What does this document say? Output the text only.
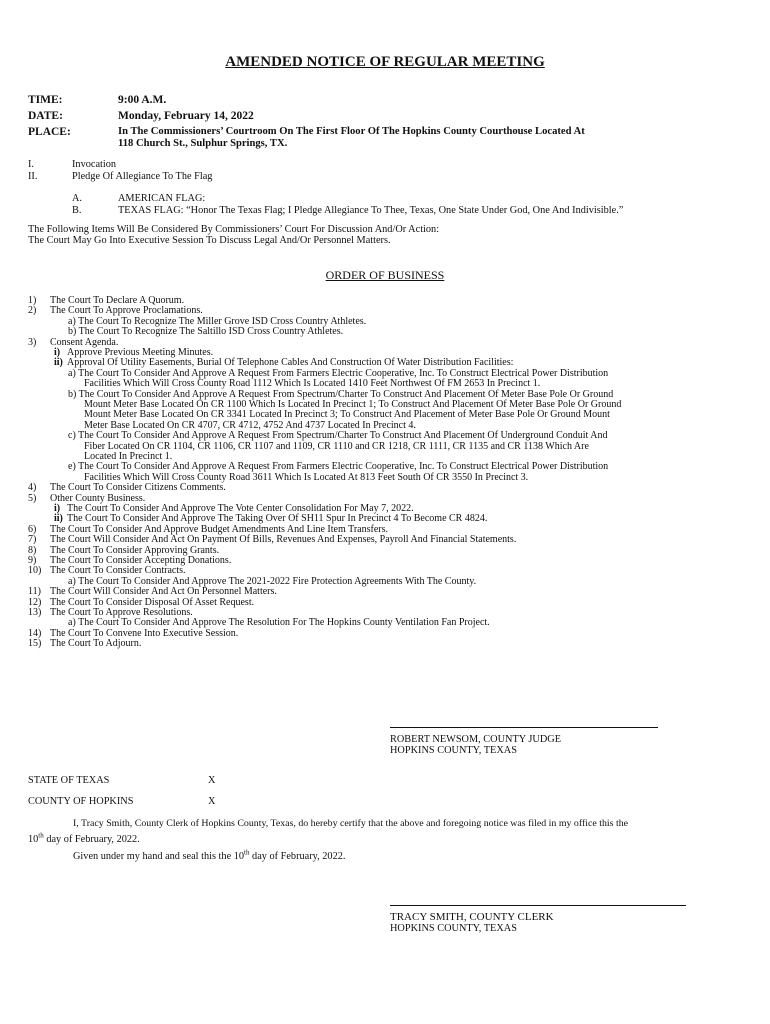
AMENDED NOTICE OF REGULAR MEETING
TIME:	9:00 A.M.
DATE:	Monday, February 14, 2022
PLACE:	In The Commissioners’ Courtroom On The First Floor Of The Hopkins County Courthouse Located At
118 Church St., Sulphur Springs, TX.
I.	Invocation
II.	Pledge Of Allegiance To The Flag
A.	AMERICAN FLAG:
B.	TEXAS FLAG: “Honor The Texas Flag; I Pledge Allegiance To Thee, Texas, One State Under God, One And Indivisible.”
The Following Items Will Be Considered By Commissioners’ Court For Discussion And/Or Action:
The Court May Go Into Executive Session To Discuss Legal And/Or Personnel Matters.
ORDER OF BUSINESS
1) The Court To Declare A Quorum.
2) The Court To Approve Proclamations.
a) The Court To Recognize The Miller Grove ISD Cross Country Athletes.
b) The Court To Recognize The Saltillo ISD Cross Country Athletes.
3) Consent Agenda.
i) Approve Previous Meeting Minutes.
ii) Approval Of Utility Easements, Burial Of Telephone Cables And Construction Of Water Distribution Facilities:
a) The Court To Consider And Approve A Request From Farmers Electric Cooperative, Inc. To Construct Electrical Power Distribution
Facilities Which Will Cross County Road 1112 Which Is Located 1410 Feet Northwest Of FM 2653 In Precinct 1.
b) The Court To Consider And Approve A Request From Spectrum/Charter To Construct And Placement Of Meter Base Pole Or Ground
Mount Meter Base Located On CR 1100 Which Is Located In Precinct 1; To Construct And Placement Of Meter Base Pole Or Ground
Mount Meter Base Located On CR 3341 Located In Precinct 3; To Construct And Placement of Meter Base Pole Or Ground Mount
Meter Base Located On CR 4707, CR 4712, 4752 And 4737 Located In Precinct 4.
c) The Court To Consider And Approve A Request From Spectrum/Charter To Construct And Placement Of Underground Conduit And
Fiber Located On CR 1104, CR 1106, CR 1107 and 1109, CR 1110 and CR 1218, CR 1111, CR 1135 and CR 1138 Which Are
Located In Precinct 1.
e) The Court To Consider And Approve A Request From Farmers Electric Cooperative, Inc. To Construct Electrical Power Distribution
Facilities Which Will Cross County Road 3611 Which Is Located At 813 Feet South Of CR 3550 In Precinct 3.
4) The Court To Consider Citizens Comments.
5) Other County Business.
i) The Court To Consider And Approve The Vote Center Consolidation For May 7, 2022.
ii) The Court To Consider And Approve The Taking Over Of SH11 Spur In Precinct 4 To Become CR 4824.
6) The Court To Consider And Approve Budget Amendments And Line Item Transfers.
7) The Court Will Consider And Act On Payment Of Bills, Revenues And Expenses, Payroll And Financial Statements.
8) The Court To Consider Approving Grants.
9) The Court To Consider Accepting Donations.
10) The Court To Consider Contracts.
a) The Court To Consider And Approve The 2021-2022 Fire Protection Agreements With The County.
11) The Court Will Consider And Act On Personnel Matters.
12) The Court To Consider Disposal Of Asset Request.
13) The Court To Approve Resolutions.
a) The Court To Consider And Approve The Resolution For The Hopkins County Ventilation Fan Project.
14) The Court To Convene Into Executive Session.
15) The Court To Adjourn.
ROBERT NEWSOM, COUNTY JUDGE
HOPKINS COUNTY, TEXAS
STATE OF TEXAS	X
COUNTY OF HOPKINS	X
I, Tracy Smith, County Clerk of Hopkins County, Texas, do hereby certify that the above and foregoing notice was filed in my office this the
10th day of February, 2022.
Given under my hand and seal this the 10th day of February, 2022.
TRACY SMITH, COUNTY CLERK
HOPKINS COUNTY, TEXAS
